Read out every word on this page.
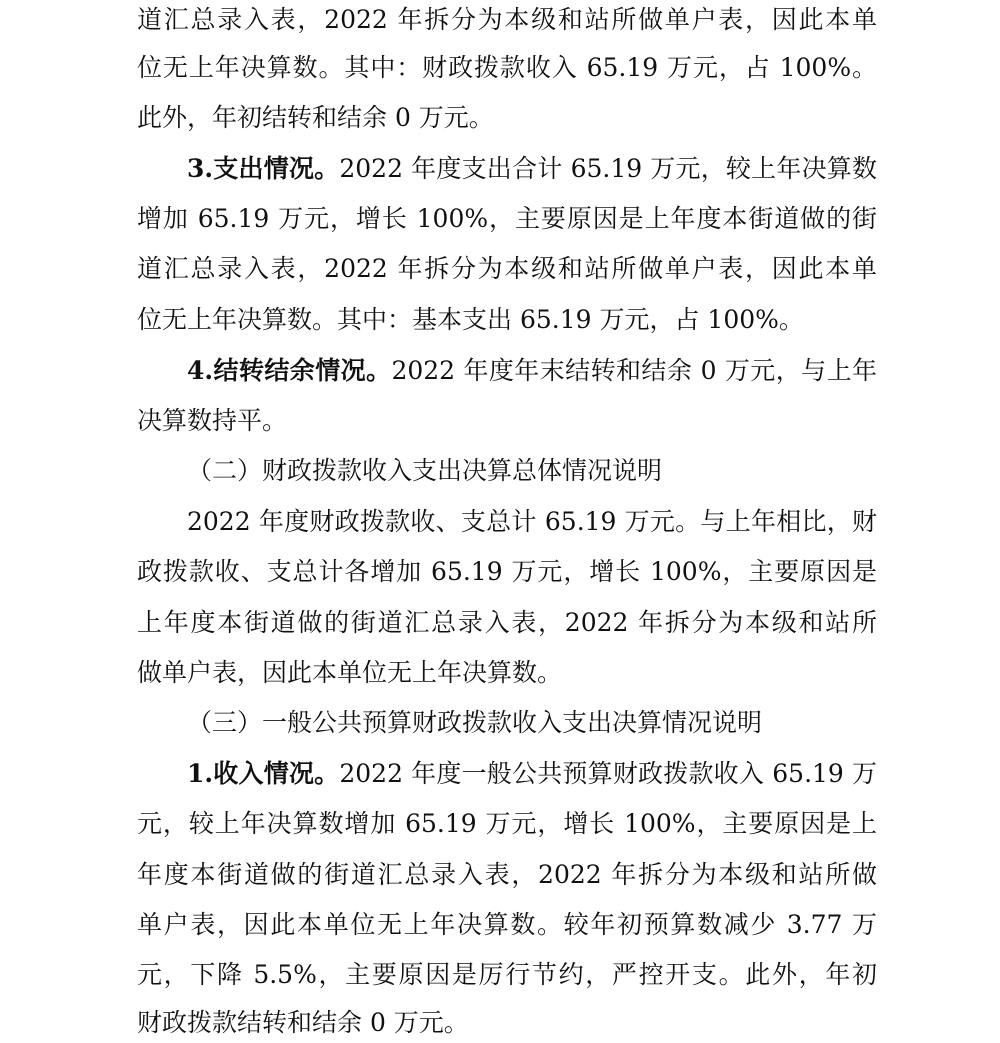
道汇总录入表，2022 年拆分为本级和站所做单户表，因此本单
位无上年决算数。其中：财政拨款收入 65.19 万元，占 100%。
此外，年初结转和结余 0 万元。
3.支出情况。2022 年度支出合计 65.19 万元，较上年决算数
增加 65.19 万元，增长 100%，主要原因是上年度本街道做的街
道汇总录入表，2022 年拆分为本级和站所做单户表，因此本单
位无上年决算数。其中：基本支出 65.19 万元，占 100%。
4.结转结余情况。2022 年度年末结转和结余 0 万元，与上年
决算数持平。
（二）财政拨款收入支出决算总体情况说明
2022 年度财政拨款收、支总计 65.19 万元。与上年相比，财
政拨款收、支总计各增加 65.19 万元，增长 100%，主要原因是
上年度本街道做的街道汇总录入表，2022 年拆分为本级和站所
做单户表，因此本单位无上年决算数。
（三）一般公共预算财政拨款收入支出决算情况说明
1.收入情况。2022 年度一般公共预算财政拨款收入 65.19 万
元，较上年决算数增加 65.19 万元，增长 100%，主要原因是上
年度本街道做的街道汇总录入表，2022 年拆分为本级和站所做
单户表，因此本单位无上年决算数。较年初预算数减少 3.77 万
元，下降 5.5%，主要原因是厉行节约，严控开支。此外，年初
财政拨款结转和结余 0 万元。
